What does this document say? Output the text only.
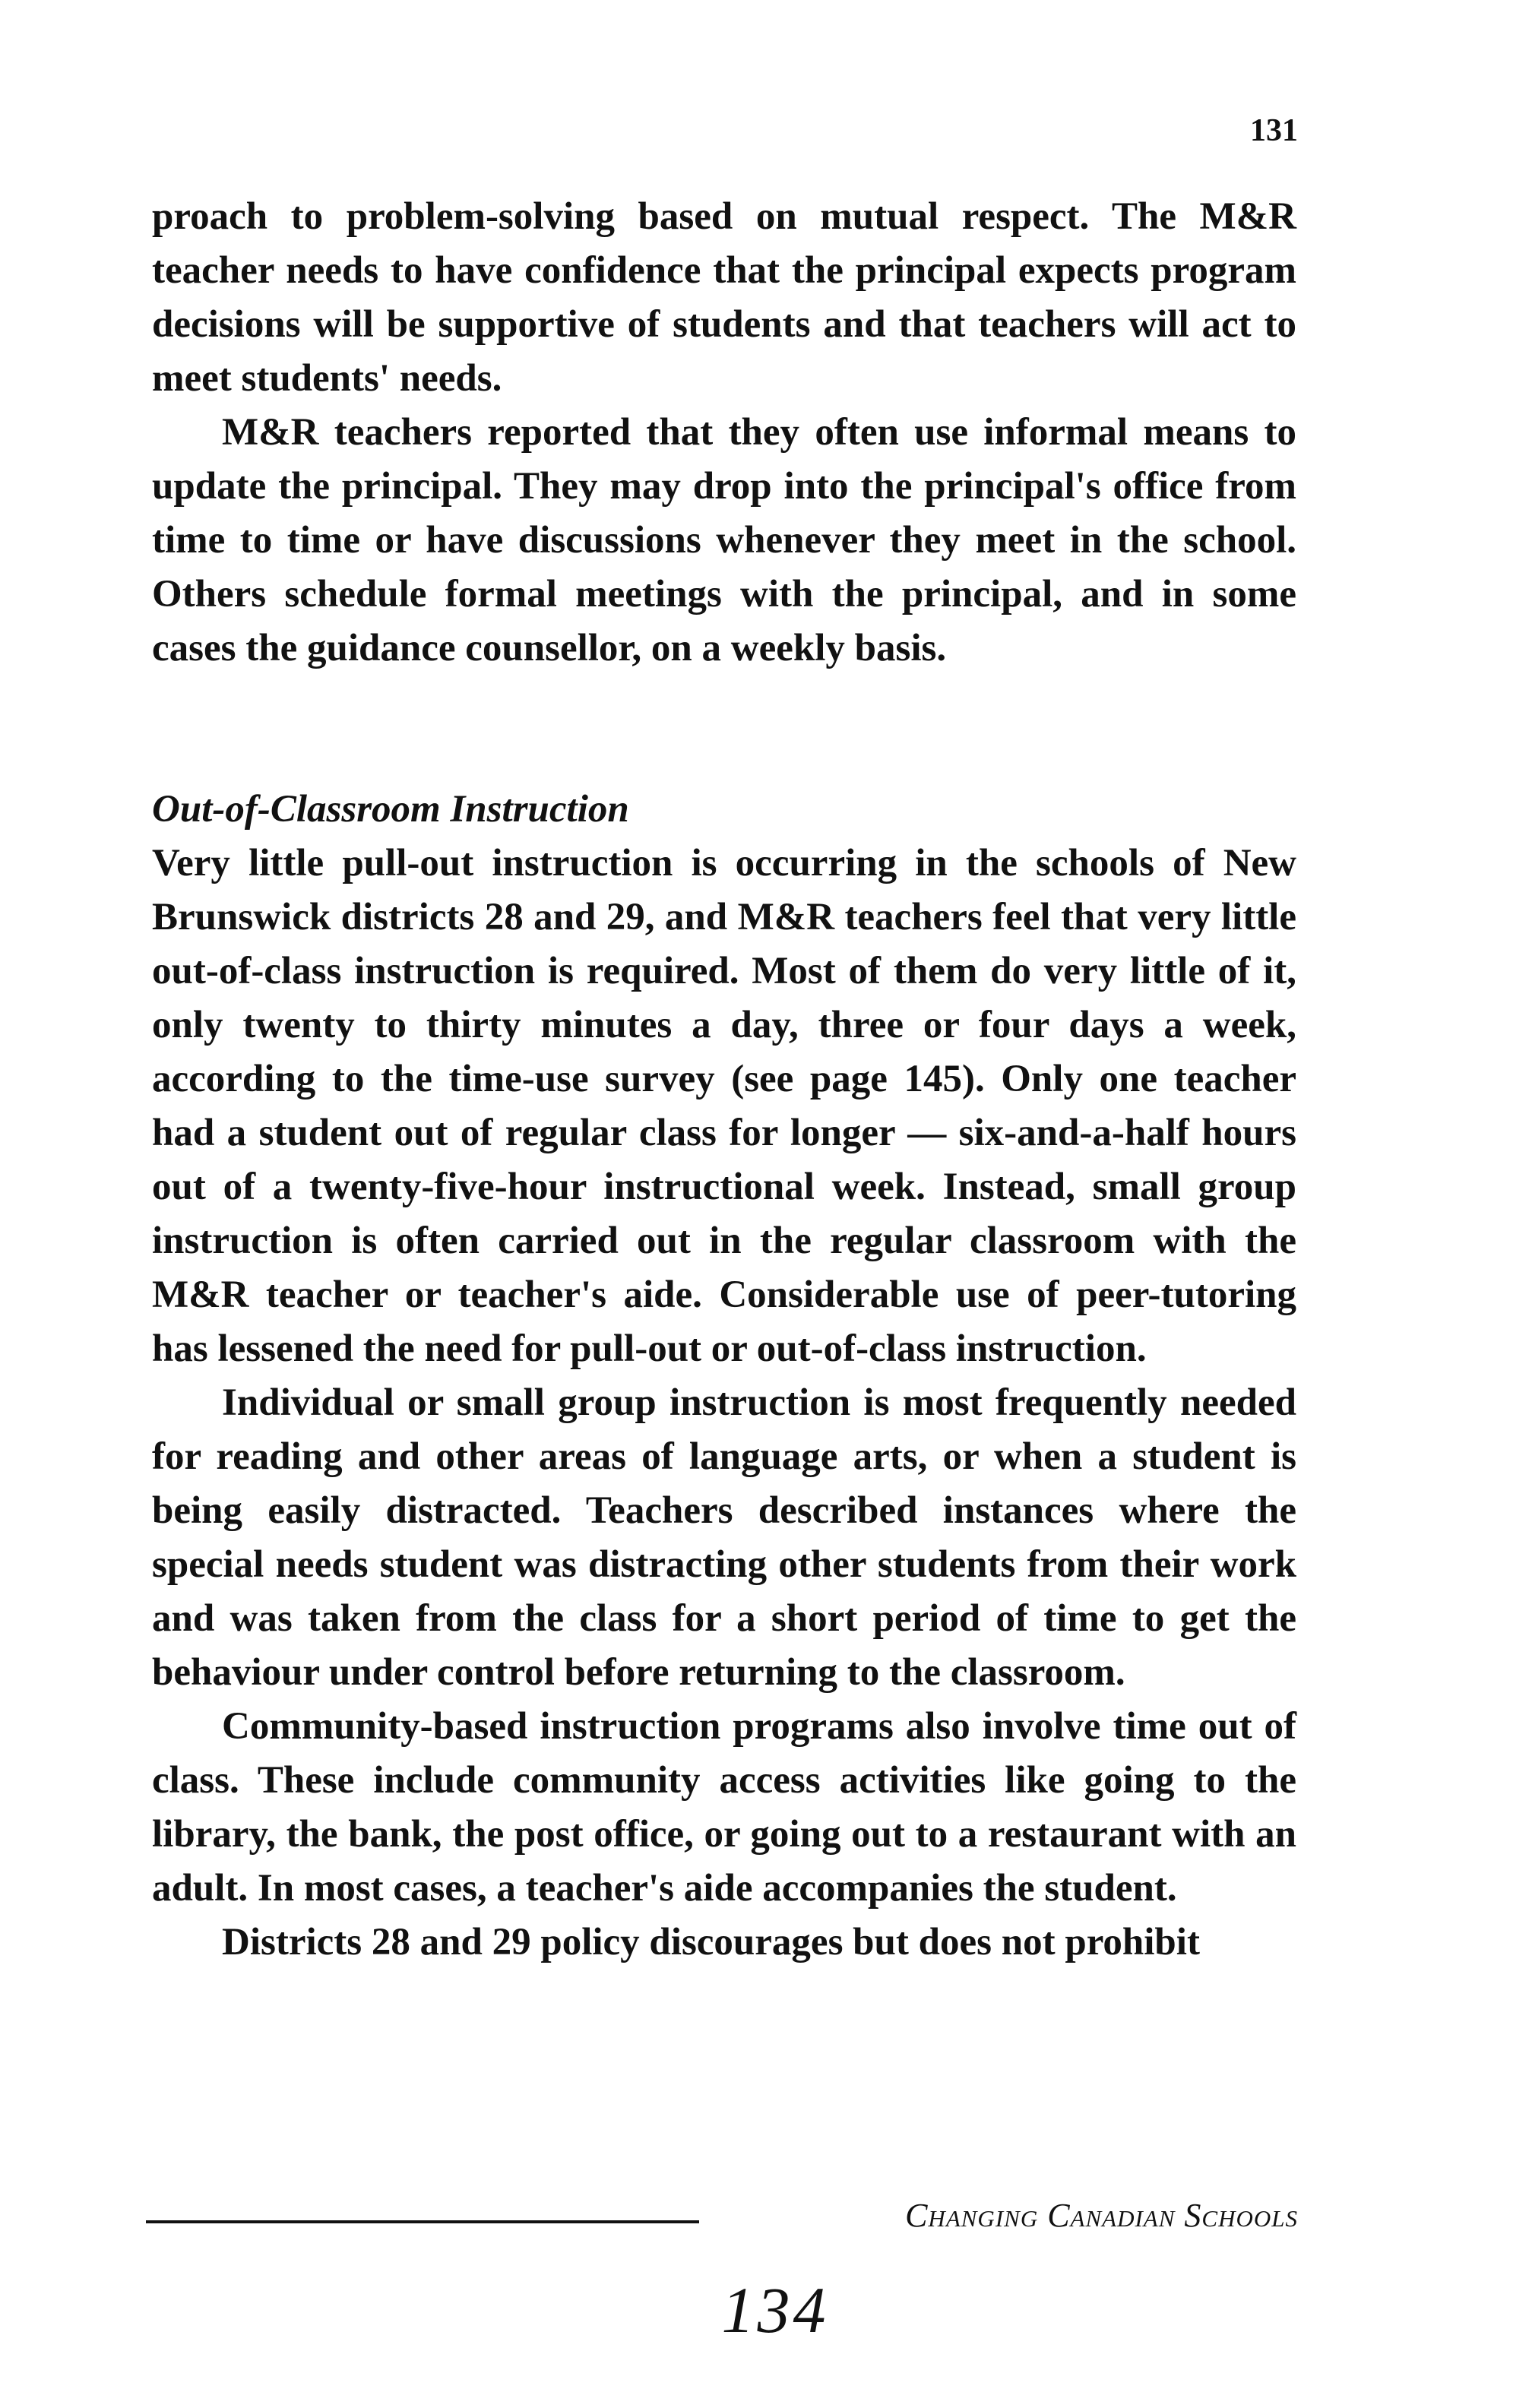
131

proach to problem-solving based on mutual respect. The M&R teacher needs to have confidence that the principal expects program decisions will be supportive of students and that teachers will act to meet students' needs.

M&R teachers reported that they often use informal means to update the principal. They may drop into the principal's office from time to time or have discussions whenever they meet in the school. Others schedule formal meetings with the principal, and in some cases the guidance counsellor, on a weekly basis.

Out-of-Classroom Instruction

Very little pull-out instruction is occurring in the schools of New Brunswick districts 28 and 29, and M&R teachers feel that very little out-of-class instruction is required. Most of them do very little of it, only twenty to thirty minutes a day, three or four days a week, according to the time-use survey (see page 145). Only one teacher had a student out of regular class for longer — six-and-a-half hours out of a twenty-five-hour instructional week. Instead, small group instruction is often carried out in the regular classroom with the M&R teacher or teacher's aide. Considerable use of peer-tutoring has lessened the need for pull-out or out-of-class instruction.

Individual or small group instruction is most frequently needed for reading and other areas of language arts, or when a student is being easily distracted. Teachers described instances where the special needs student was distracting other students from their work and was taken from the class for a short period of time to get the behaviour under control before returning to the classroom.

Community-based instruction programs also involve time out of class. These include community access activities like going to the library, the bank, the post office, or going out to a restaurant with an adult. In most cases, a teacher's aide accompanies the student.

Districts 28 and 29 policy discourages but does not prohibit

Changing Canadian Schools
134
